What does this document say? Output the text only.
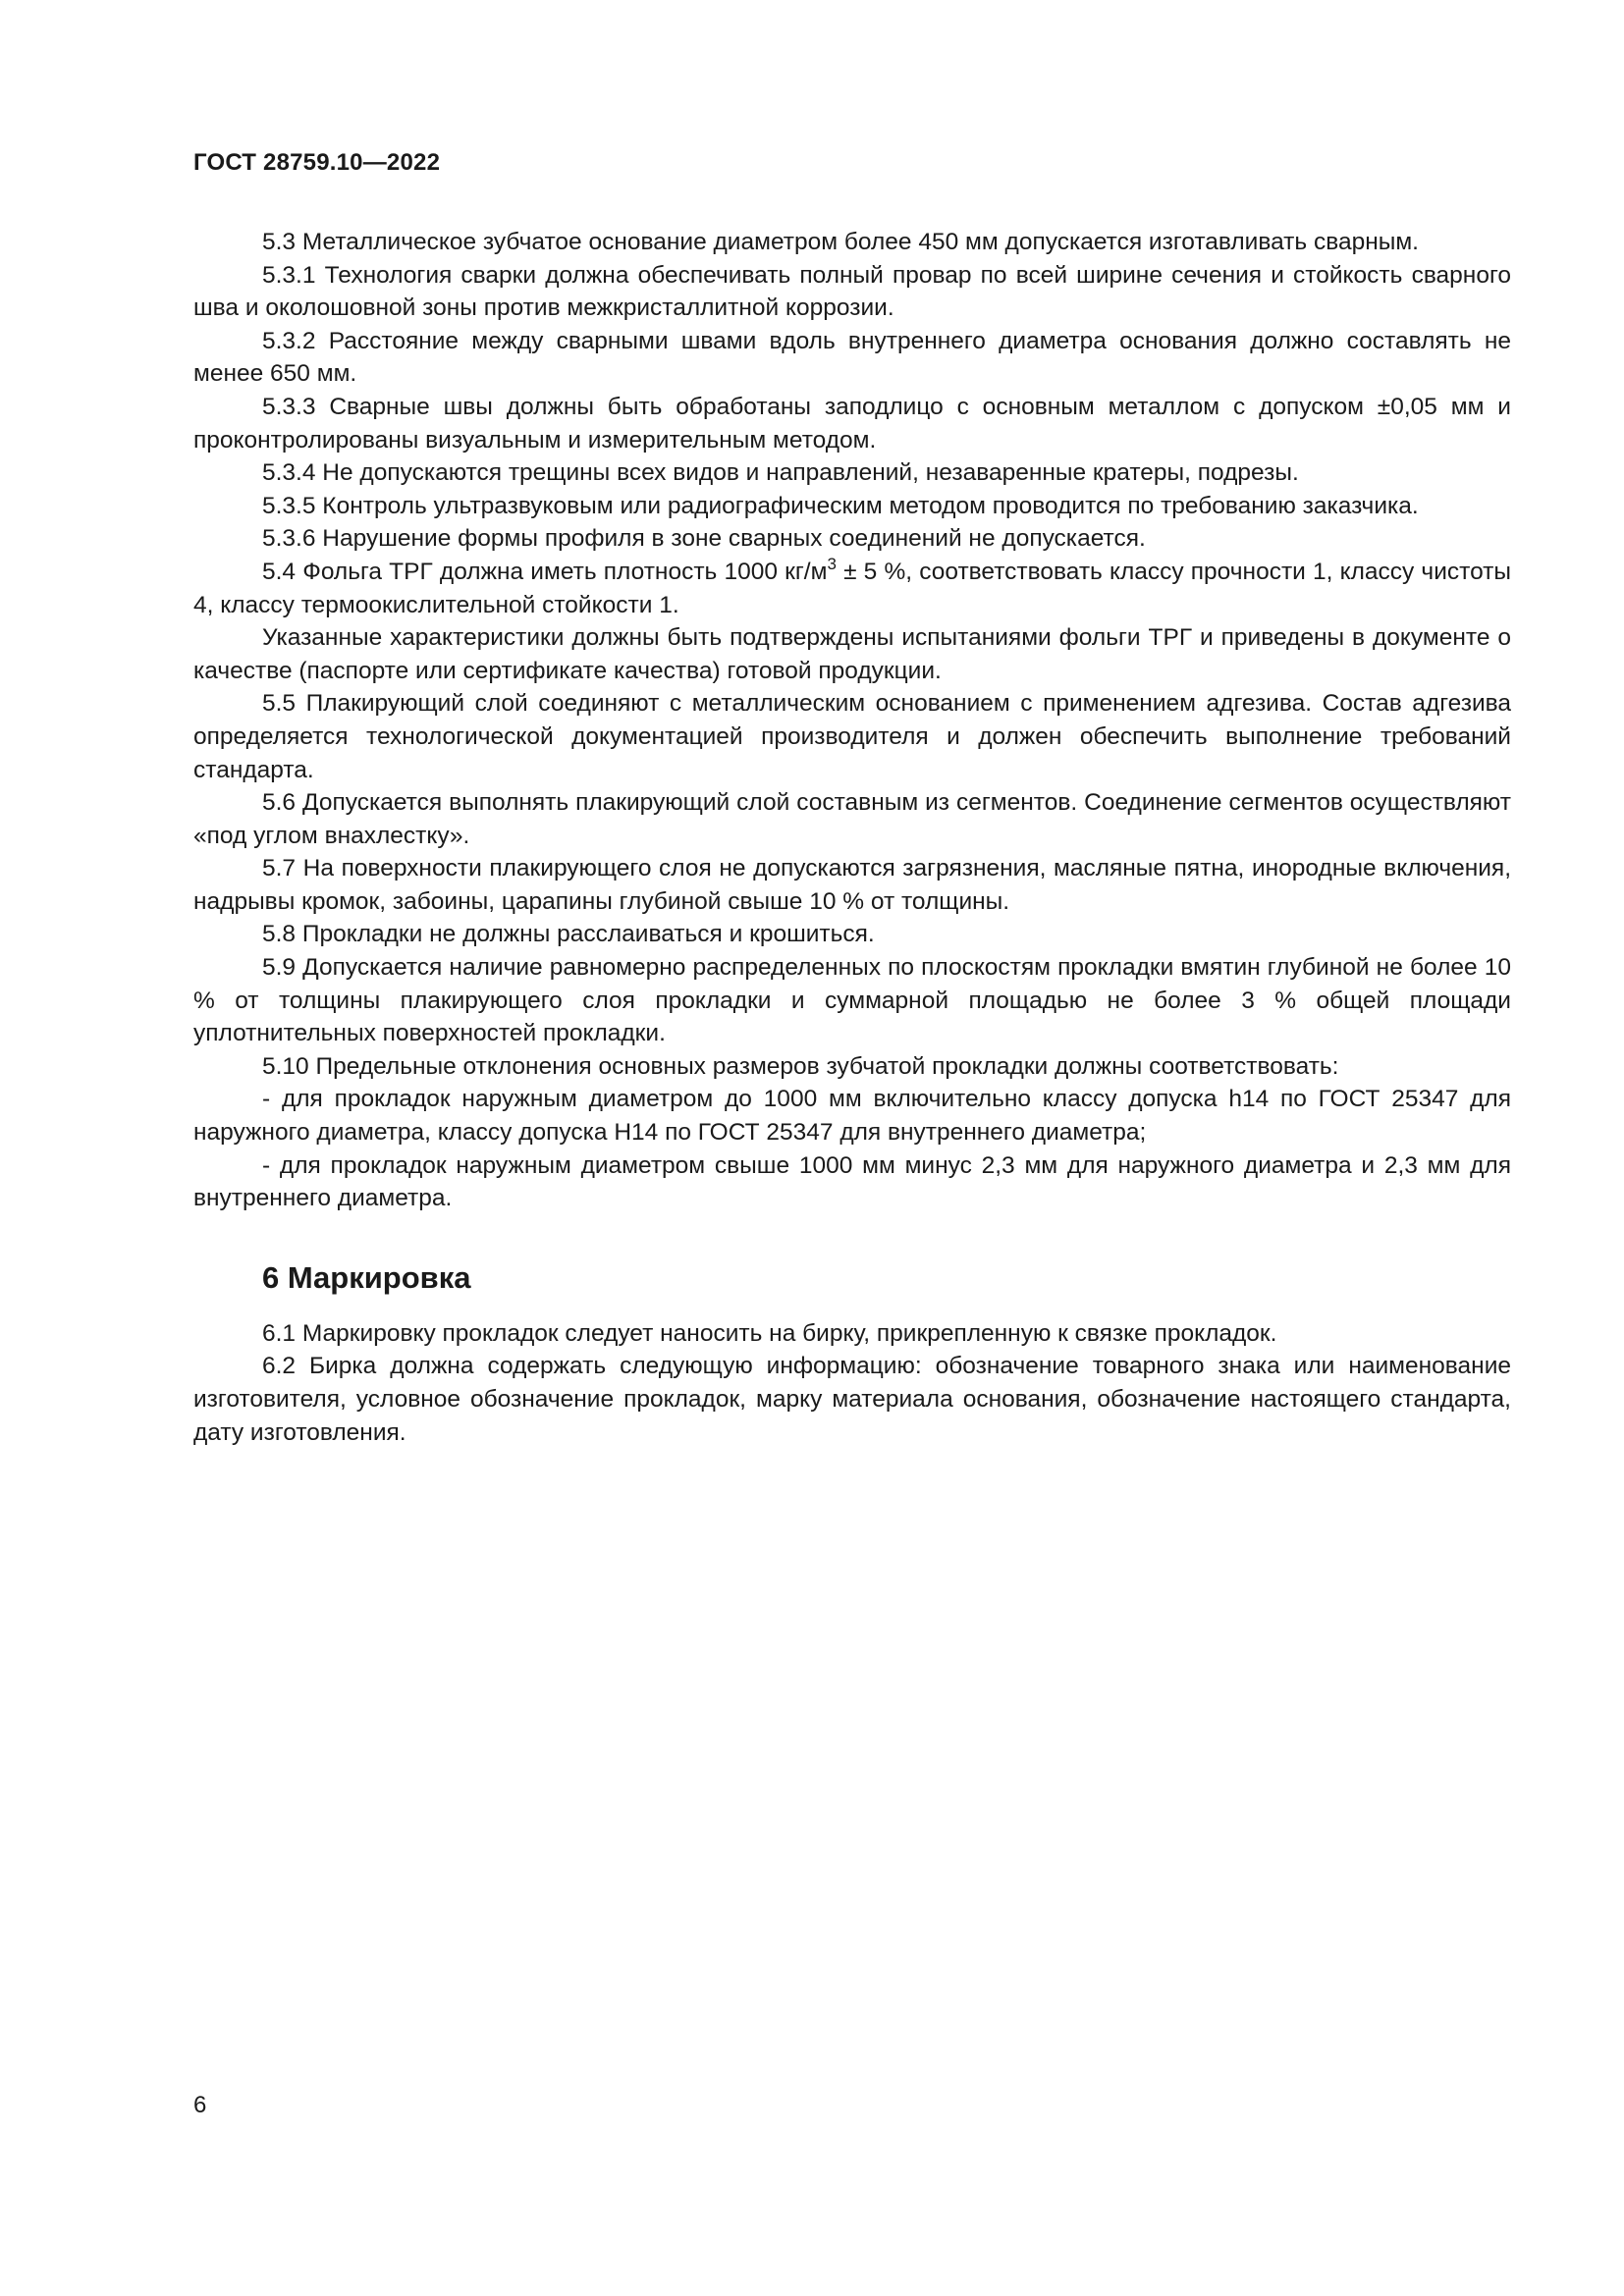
ГОСТ 28759.10—2022

5.3 Металлическое зубчатое основание диаметром более 450 мм допускается изготавливать сварным.

5.3.1 Технология сварки должна обеспечивать полный провар по всей ширине сечения и стойкость сварного шва и околошовной зоны против межкристаллитной коррозии.

5.3.2 Расстояние между сварными швами вдоль внутреннего диаметра основания должно составлять не менее 650 мм.

5.3.3 Сварные швы должны быть обработаны заподлицо с основным металлом с допуском ±0,05 мм и проконтролированы визуальным и измерительным методом.

5.3.4 Не допускаются трещины всех видов и направлений, незаваренные кратеры, подрезы.

5.3.5 Контроль ультразвуковым или радиографическим методом проводится по требованию заказчика.

5.3.6 Нарушение формы профиля в зоне сварных соединений не допускается.

5.4 Фольга ТРГ должна иметь плотность 1000 $кг/м^3 \pm 5$ %, соответствовать классу прочности 1, классу чистоты 4, классу термоокислительной стойкости 1.

Указанные характеристики должны быть подтверждены испытаниями фольги ТРГ и приведены в документе о качестве (паспорте или сертификате качества) готовой продукции.

5.5 Плакирующий слой соединяют с металлическим основанием с применением адгезива. Состав адгезива определяется технологической документацией производителя и должен обеспечить выполнение требований стандарта.

5.6 Допускается выполнять плакирующий слой составным из сегментов. Соединение сегментов осуществляют «под углом внахлестку».

5.7 На поверхности плакирующего слоя не допускаются загрязнения, масляные пятна, инородные включения, надрывы кромок, забоины, царапины глубиной свыше 10 % от толщины.

5.8 Прокладки не должны расслаиваться и крошиться.

5.9 Допускается наличие равномерно распределенных по плоскостям прокладки вмятин глубиной не более 10 % от толщины плакирующего слоя прокладки и суммарной площадью не более 3 % общей площади уплотнительных поверхностей прокладки.

5.10 Предельные отклонения основных размеров зубчатой прокладки должны соответствовать:

- для прокладок наружным диаметром до 1000 мм включительно классу допуска h14 по ГОСТ 25347 для наружного диаметра, классу допуска Н14 по ГОСТ 25347 для внутреннего диаметра;

- для прокладок наружным диаметром свыше 1000 мм минус 2,3 мм для наружного диаметра и 2,3 мм для внутреннего диаметра.

6 Маркировка

6.1 Маркировку прокладок следует наносить на бирку, прикрепленную к связке прокладок.

6.2 Бирка должна содержать следующую информацию: обозначение товарного знака или наименование изготовителя, условное обозначение прокладок, марку материала основания, обозначение настоящего стандарта, дату изготовления.

6
